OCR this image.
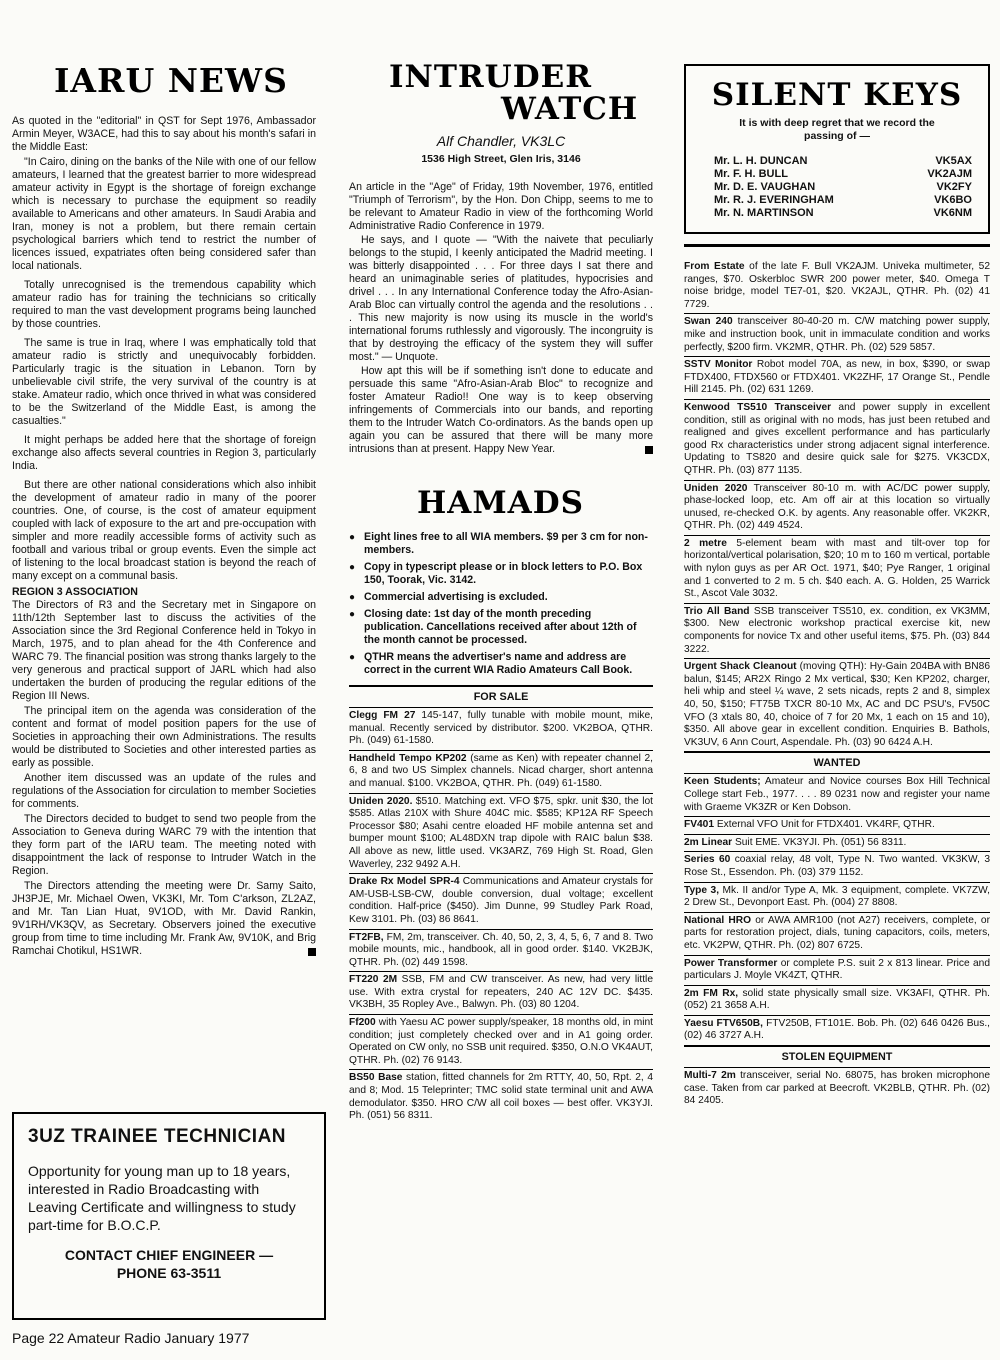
IARU NEWS

As quoted in the "editorial" in QST for Sept 1976, Ambassador Armin Meyer, W3ACE, had this to say about his month's safari in the Middle East:

"In Cairo, dining on the banks of the Nile with one of our fellow amateurs, I learned that the greatest barrier to more widespread amateur activity in Egypt is the shortage of foreign exchange which is necessary to purchase the equipment so readily available to Americans and other amateurs. In Saudi Arabia and Iran, money is not a problem, but there remain certain psychological barriers which tend to restrict the number of licences issued, expatriates often being considered safer than local nationals.

Totally unrecognised is the tremendous capability which amateur radio has for training the technicians so critically required to man the vast development programs being launched by those countries.

The same is true in Iraq, where I was emphatically told that amateur radio is strictly and unequivocably forbidden. Particularly tragic is the situation in Lebanon. Torn by unbelievable civil strife, the very survival of the country is at stake. Amateur radio, which once thrived in what was considered to be the Switzerland of the Middle East, is among the casualties."

It might perhaps be added here that the shortage of foreign exchange also affects several countries in Region 3, particularly India.

But there are other national considerations which also inhibit the development of amateur radio in many of the poorer countries. One, of course, is the cost of amateur equipment coupled with lack of exposure to the art and pre-occupation with simpler and more readily accessible forms of activity such as football and various tribal or group events. Even the simple act of listening to the local broadcast station is beyond the reach of many except on a communal basis.

REGION 3 ASSOCIATION

The Directors of R3 and the Secretary met in Singapore on 11th/12th September last to discuss the activities of the Association since the 3rd Regional Conference held in Tokyo in March, 1975, and to plan ahead for the 4th Conference and WARC 79. The financial position was strong thanks largely to the very generous and practical support of JARL which had also undertaken the burden of producing the regular editions of the Region III News.

The principal item on the agenda was consideration of the content and format of model position papers for the use of Societies in approaching their own Administrations. The results would be distributed to Societies and other interested parties as early as possible.

Another item discussed was an update of the rules and regulations of the Association for circulation to member Societies for comments.

The Directors decided to budget to send two people from the Association to Geneva during WARC 79 with the intention that they form part of the IARU team. The meeting noted with disappointment the lack of response to Intruder Watch in the Region.

The Directors attending the meeting were Dr. Samy Saito, JH3PJE, Mr. Michael Owen, VK3KI, Mr. Tom C'arkson, ZL2AZ, and Mr. Tan Lian Huat, 9V1OD, with Mr. David Rankin, 9V1RH/VK3QV, as Secretary. Observers joined the executive group from time to time including Mr. Frank Aw, 9V10K, and Brig Ramchai Chotikul, HS1WR.

3UZ TRAINEE TECHNICIAN
Opportunity for young man up to 18 years, interested in Radio Broadcasting with Leaving Certificate and willingness to study part-time for B.O.C.P.
CONTACT CHIEF ENGINEER —
PHONE 63-3511
Page 22 Amateur Radio January 1977
INTRUDER
WATCH
Alf Chandler, VK3LC
1536 High Street, Glen Iris, 3146

An article in the "Age" of Friday, 19th November, 1976, entitled "Triumph of Terrorism", by the Hon. Don Chipp, seems to me to be relevant to Amateur Radio in view of the forthcoming World Administrative Radio Conference in 1979.

He says, and I quote — "With the naivete that peculiarly belongs to the stupid, I keenly anticipated the Madrid meeting. I was bitterly disappointed . . . For three days I sat there and heard an unimaginable series of platitudes, hypocrisies and drivel . . . In any International Conference today the Afro-Asian-Arab Bloc can virtually control the agenda and the resolutions . . . This new majority is now using its muscle in the world's international forums ruthlessly and vigorously. The incongruity is that by destroying the efficacy of the system they will suffer most." — Unquote.

How apt this will be if something isn't done to educate and persuade this same "Afro-Asian-Arab Bloc" to recognize and foster Amateur Radio!! One way is to keep observing infringements of Commercials into our bands, and reporting them to the Intruder Watch Co-ordinators. As the bands open up again you can be assured that there will be many more intrusions than at present. Happy New Year.

HAMADS
● Eight lines free to all WIA members. $9 per 3 cm for non-members.
● Copy in typescript please or in block letters to P.O. Box 150, Toorak, Vic. 3142.
● Commercial advertising is excluded.
● Closing date: 1st day of the month preceding publication. Cancellations received after about 12th of the month cannot be processed.
● QTHR means the advertiser's name and address are correct in the current WIA Radio Amateurs Call Book.
FOR SALE
Clegg FM 27 145-147, fully tunable with mobile mount, mike, manual. Recently serviced by distributor. $200. VK2BOA, QTHR. Ph. (049) 61-1580.
Handheld Tempo KP202 (same as Ken) with repeater channel 2, 6, 8 and two US Simplex channels. Nicad charger, short antenna and manual. $100. VK2BOA, QTHR. Ph. (049) 61-1580.
Uniden 2020. $510. Matching ext. VFO $75, spkr. unit $30, the lot $585. Atlas 210X with Shure 404C mic. $585; KP12A RF Speech Processor $80; Asahi centre eloaded HF mobile antenna set and bumper mount $100; AL48DXN trap dipole with RAIC balun $38. All above as new, little used. VK3ARZ, 769 High St. Road, Glen Waverley, 232 9492 A.H.
Drake Rx Model SPR-4 Communications and Amateur crystals for AM-USB-LSB-CW, double conversion, dual voltage; excellent condition. Half-price ($450). Jim Dunne, 99 Studley Park Road, Kew 3101. Ph. (03) 86 8641.
FT2FB, FM, 2m, transceiver. Ch. 40, 50, 2, 3, 4, 5, 6, 7 and 8. Two mobile mounts, mic., handbook, all in good order. $140. VK2BJK, QTHR. Ph. (02) 449 1598.
FT220 2M SSB, FM and CW transceiver. As new, had very little use. With extra crystal for repeaters, 240 AC 12V DC. $435. VK3BH, 35 Ropley Ave., Balwyn. Ph. (03) 80 1204.
Ff200 with Yaesu AC power supply/speaker, 18 months old, in mint condition; just completely checked over and in A1 going order. Operated on CW only, no SSB unit required. $350, O.N.O VK4AUT, QTHR. Ph. (02) 76 9143.
BS50 Base station, fitted channels for 2m RTTY, 40, 50, Rpt. 2, 4 and 8; Mod. 15 Teleprinter; TMC solid state terminal unit and AWA demodulator. $350. HRO C/W all coil boxes — best offer. VK3YJI. Ph. (051) 56 8311.
SILENT KEYS
It is with deep regret that we record the passing of —
Mr. L. H. DUNCAN	VK5AX
Mr. F. H. BULL	VK2AJM
Mr. D. E. VAUGHAN	VK2FY
Mr. R. J. EVERINGHAM	VK6BO
Mr. N. MARTINSON	VK6NM
From Estate of the late F. Bull VK2AJM. Univeka multimeter, 52 ranges, $70. Oskerbloc SWR 200 power meter, $40. Omega T noise bridge, model TE7-01, $20. VK2AJL, QTHR. Ph. (02) 41 7729.
Swan 240 transceiver 80-40-20 m. C/W matching power supply, mike and instruction book, unit in immaculate condition and works perfectly, $200 firm. VK2MR, QTHR. Ph. (02) 529 5857.
SSTV Monitor Robot model 70A, as new, in box, $390, or swap FTDX400, FTDX560 or FTDX401. VK2ZHF, 17 Orange St., Pendle Hill 2145. Ph. (02) 631 1269.
Kenwood TS510 Transceiver and power supply in excellent condition, still as original with no mods, has just been retubed and realigned and gives excellent performance and has particularly good Rx characteristics under strong adjacent signal interference. Updating to TS820 and desire quick sale for $275. VK3CDX, QTHR. Ph. (03) 877 1135.
Uniden 2020 Transceiver 80-10 m. with AC/DC power supply, phase-locked loop, etc. Am off air at this location so virtually unused, re-checked O.K. by agents. Any reasonable offer. VK2KR, QTHR. Ph. (02) 449 4524.
2 metre 5-element beam with mast and tilt-over top for horizontal/vertical polarisation, $20; 10 m to 160 m vertical, portable with nylon guys as per AR Oct. 1971, $40; Pye Ranger, 1 original and 1 converted to 2 m. 5 ch. $40 each. A. G. Holden, 25 Warrick St., Ascot Vale 3032.
Trio All Band SSB transceiver TS510, ex. condition, ex VK3MM, $300. New electronic workshop practical exercise kit, new components for novice Tx and other useful items, $75. Ph. (03) 844 3222.
Urgent Shack Cleanout (moving QTH): Hy-Gain 204BA with BN86 balun, $145; AR2X Ringo 2 Mx vertical, $30; Ken KP202, charger, heli whip and steel ¼ wave, 2 sets nicads, repts 2 and 8, simplex 40, 50, $150; FT75B TXCR 80-10 Mx, AC and DC PSU's, FV50C VFO (3 xtals 80, 40, choice of 7 for 20 Mx, 1 each on 15 and 10), $350. All above gear in excellent condition. Enquiries B. Bathols, VK3UV, 6 Ann Court, Aspendale. Ph. (03) 90 6424 A.H.
WANTED
Keen Students; Amateur and Novice courses Box Hill Technical College start Feb., 1977. . . . 89 0231 now and register your name with Graeme VK3ZR or Ken Dobson.
FV401 External VFO Unit for FTDX401. VK4RF, QTHR.
2m Linear Suit EME. VK3YJI. Ph. (051) 56 8311.
Series 60 coaxial relay, 48 volt, Type N. Two wanted. VK3KW, 3 Rose St., Essendon. Ph. (03) 379 1152.
Type 3, Mk. II and/or Type A, Mk. 3 equipment, complete. VK7ZW, 2 Drew St., Devonport East. Ph. (004) 27 8808.
National HRO or AWA AMR100 (not A27) receivers, complete, or parts for restoration project, dials, tuning capacitors, coils, meters, etc. VK2PW, QTHR. Ph. (02) 807 6725.
Power Transformer or complete P.S. suit 2 x 813 linear. Price and particulars J. Moyle VK4ZT, QTHR.
2m FM Rx, solid state physically small size. VK3AFI, QTHR. Ph. (052) 21 3658 A.H.
Yaesu FTV650B, FTV250B, FT101E. Bob. Ph. (02) 646 0426 Bus., (02) 46 3727 A.H.
STOLEN EQUIPMENT
Multi-7 2m transceiver, serial No. 68075, has broken microphone case. Taken from car parked at Beecroft. VK2BLB, QTHR. Ph. (02) 84 2405.
